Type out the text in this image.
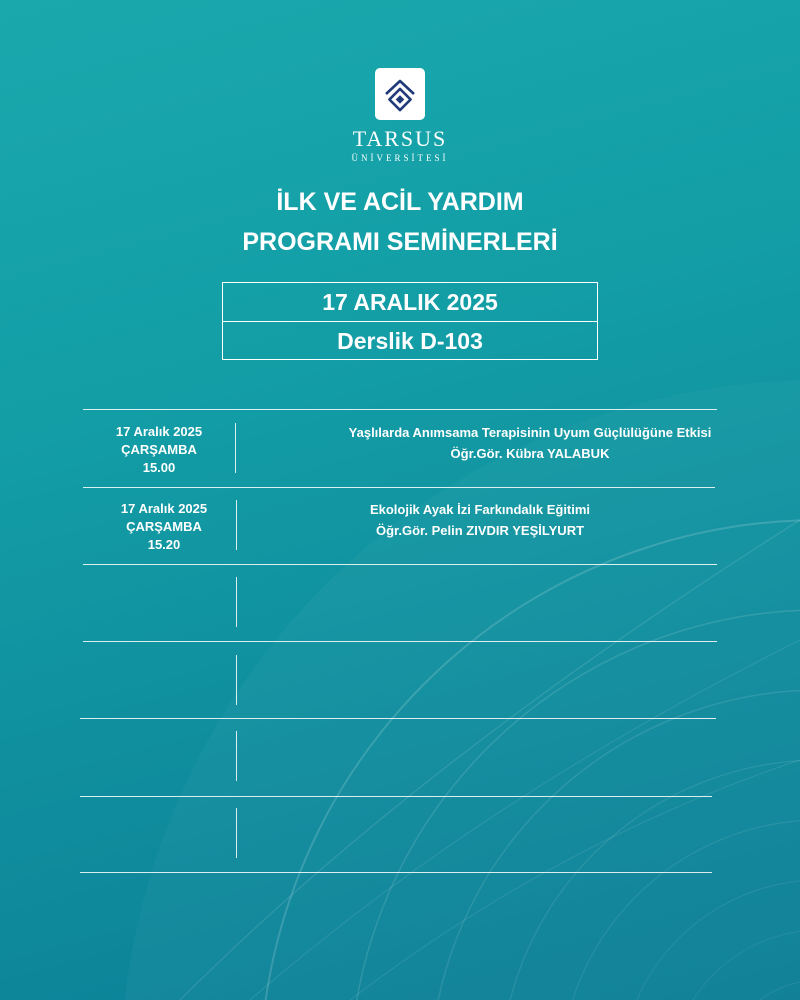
TARSUS
ÜNİVERSİTESİ
İLK VE ACİL YARDIM
PROGRAMI SEMİNERLERİ
17 ARALIK 2025
Derslik D-103
17 Aralık 2025
ÇARŞAMBA
15.00
Yaşlılarda Anımsama Terapisinin Uyum Güçlülüğüne Etkisi
Öğr.Gör. Kübra YALABUK
17 Aralık 2025
ÇARŞAMBA
15.20
Ekolojik Ayak İzi Farkındalık Eğitimi
Öğr.Gör. Pelin ZIVDIR YEŞİLYURT
